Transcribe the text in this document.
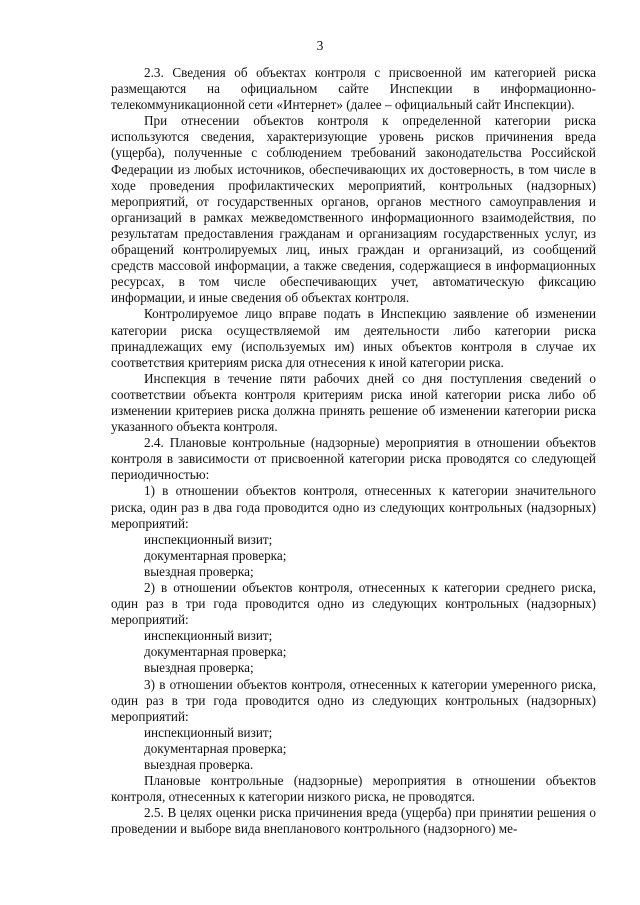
3

2.3. Сведения об объектах контроля с присвоенной им категорией риска размещаются на официальном сайте Инспекции в информационно-телекоммуникационной сети «Интернет» (далее – официальный сайт Инспекции).

При отнесении объектов контроля к определенной категории риска используются сведения, характеризующие уровень рисков причинения вреда (ущерба), полученные с соблюдением требований законодательства Российской Федерации из любых источников, обеспечивающих их достоверность, в том числе в ходе проведения профилактических мероприятий, контрольных (надзорных) мероприятий, от государственных органов, органов местного самоуправления и организаций в рамках межведомственного информационного взаимодействия, по результатам предоставления гражданам и организациям государственных услуг, из обращений контролируемых лиц, иных граждан и организаций, из сообщений средств массовой информации, а также сведения, содержащиеся в информационных ресурсах, в том числе обеспечивающих учет, автоматическую фиксацию информации, и иные сведения об объектах контроля.

Контролируемое лицо вправе подать в Инспекцию заявление об изменении категории риска осуществляемой им деятельности либо категории риска принадлежащих ему (используемых им) иных объектов контроля в случае их соответствия критериям риска для отнесения к иной категории риска.

Инспекция в течение пяти рабочих дней со дня поступления сведений о соответствии объекта контроля критериям риска иной категории риска либо об изменении критериев риска должна принять решение об изменении категории риска указанного объекта контроля.

2.4. Плановые контрольные (надзорные) мероприятия в отношении объектов контроля в зависимости от присвоенной категории риска проводятся со следующей периодичностью:

1) в отношении объектов контроля, отнесенных к категории значительного риска, один раз в два года проводится одно из следующих контрольных (надзорных) мероприятий:

инспекционный визит;
документарная проверка;
выездная проверка;

2) в отношении объектов контроля, отнесенных к категории среднего риска, один раз в три года проводится одно из следующих контрольных (надзорных) мероприятий:

инспекционный визит;
документарная проверка;
выездная проверка;

3) в отношении объектов контроля, отнесенных к категории умеренного риска, один раз в три года проводится одно из следующих контрольных (надзорных) мероприятий:

инспекционный визит;
документарная проверка;
выездная проверка.

Плановые контрольные (надзорные) мероприятия в отношении объектов контроля, отнесенных к категории низкого риска, не проводятся.

2.5. В целях оценки риска причинения вреда (ущерба) при принятии решения о проведении и выборе вида внепланового контрольного (надзорного) ме-
